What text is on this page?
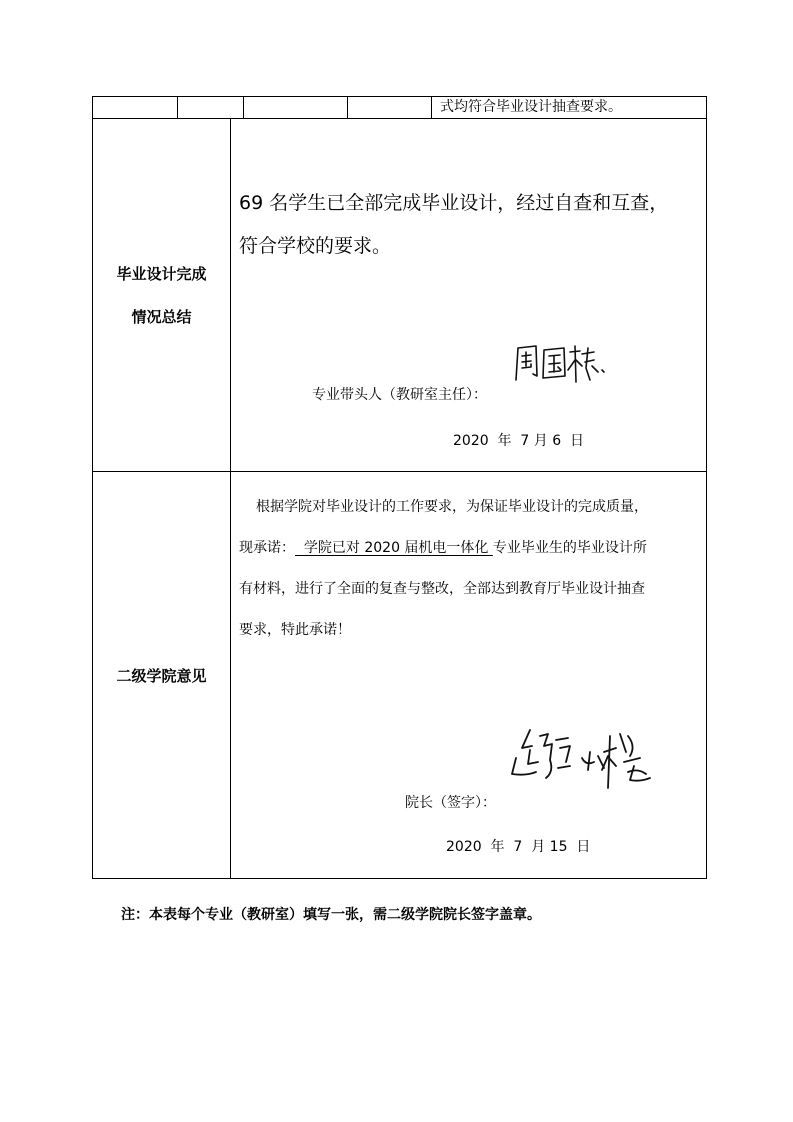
式均符合毕业设计抽查要求。
毕业设计完成
情况总结
69 名学生已全部完成毕业设计，经过自查和互查，
符合学校的要求。
专业带头人（教研室主任）：
2020  年  7 月 6  日
二级学院意见
根据学院对毕业设计的工作要求，为保证毕业设计的完成质量，
现承诺：  学院已对 2020 届机电一体化 专业毕业生的毕业设计所
有材料，进行了全面的复查与整改，全部达到教育厅毕业设计抽查
要求，特此承诺！
院长（签字）：
2020  年  7  月 15  日
注：本表每个专业（教研室）填写一张，需二级学院院长签字盖章。
